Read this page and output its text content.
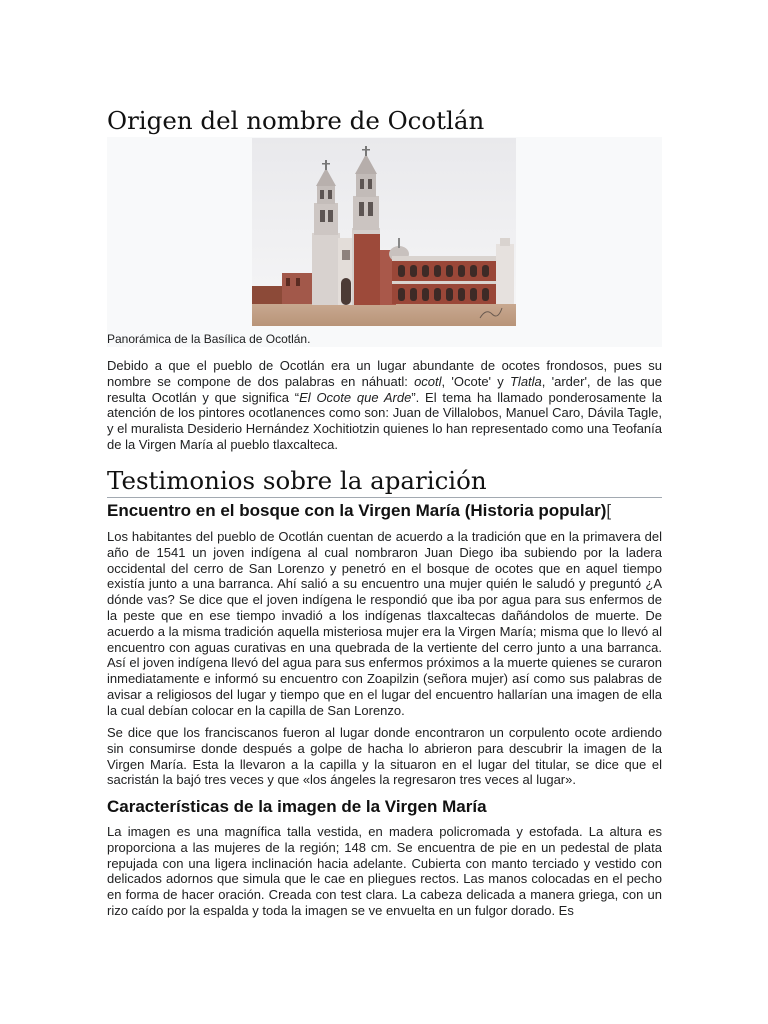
Origen del nombre de Ocotlán
Panorámica de la Basílica de Ocotlán.

Debido a que el pueblo de Ocotlán era un lugar abundante de ocotes frondosos, pues su nombre se compone de dos palabras en náhuatl: ocotl, 'Ocote' y Tlatla, 'arder', de las que resulta Ocotlán y que significa “El Ocote que Arde”. El tema ha llamado ponderosamente la atención de los pintores ocotlanences como son: Juan de Villalobos, Manuel Caro, Dávila Tagle, y el muralista Desiderio Hernández Xochitiotzin quienes lo han representado como una Teofanía de la Virgen María al pueblo tlaxcalteca.

Testimonios sobre la aparición
Encuentro en el bosque con la Virgen María (Historia popular)[

Los habitantes del pueblo de Ocotlán cuentan de acuerdo a la tradición que en la primavera del año de 1541 un joven indígena al cual nombraron Juan Diego iba subiendo por la ladera occidental del cerro de San Lorenzo y penetró en el bosque de ocotes que en aquel tiempo existía junto a una barranca. Ahí salió a su encuentro una mujer quién le saludó y preguntó ¿A dónde vas? Se dice que el joven indígena le respondió que iba por agua para sus enfermos de la peste que en ese tiempo invadió a los indígenas tlaxcaltecas dañándolos de muerte. De acuerdo a la misma tradición aquella misteriosa mujer era la Virgen María; misma que lo llevó al encuentro con aguas curativas en una quebrada de la vertiente del cerro junto a una barranca. Así el joven indígena llevó del agua para sus enfermos próximos a la muerte quienes se curaron inmediatamente e informó su encuentro con Zoapilzin (señora mujer) así como sus palabras de avisar a religiosos del lugar y tiempo que en el lugar del encuentro hallarían una imagen de ella la cual debían colocar en la capilla de San Lorenzo.

Se dice que los franciscanos fueron al lugar donde encontraron un corpulento ocote ardiendo sin consumirse donde después a golpe de hacha lo abrieron para descubrir la imagen de la Virgen María. Esta la llevaron a la capilla y la situaron en el lugar del titular, se dice que el sacristán la bajó tres veces y que «los ángeles la regresaron tres veces al lugar».

Características de la imagen de la Virgen María

La imagen es una magnífica talla vestida, en madera policromada y estofada. La altura es proporciona a las mujeres de la región; 148 cm. Se encuentra de pie en un pedestal de plata repujada con una ligera inclinación hacia adelante. Cubierta con manto terciado y vestido con delicados adornos que simula que le cae en pliegues rectos. Las manos colocadas en el pecho en forma de hacer oración. Creada con test clara. La cabeza delicada a manera griega, con un rizo caído por la espalda y toda la imagen se ve envuelta en un fulgor dorado. Es
